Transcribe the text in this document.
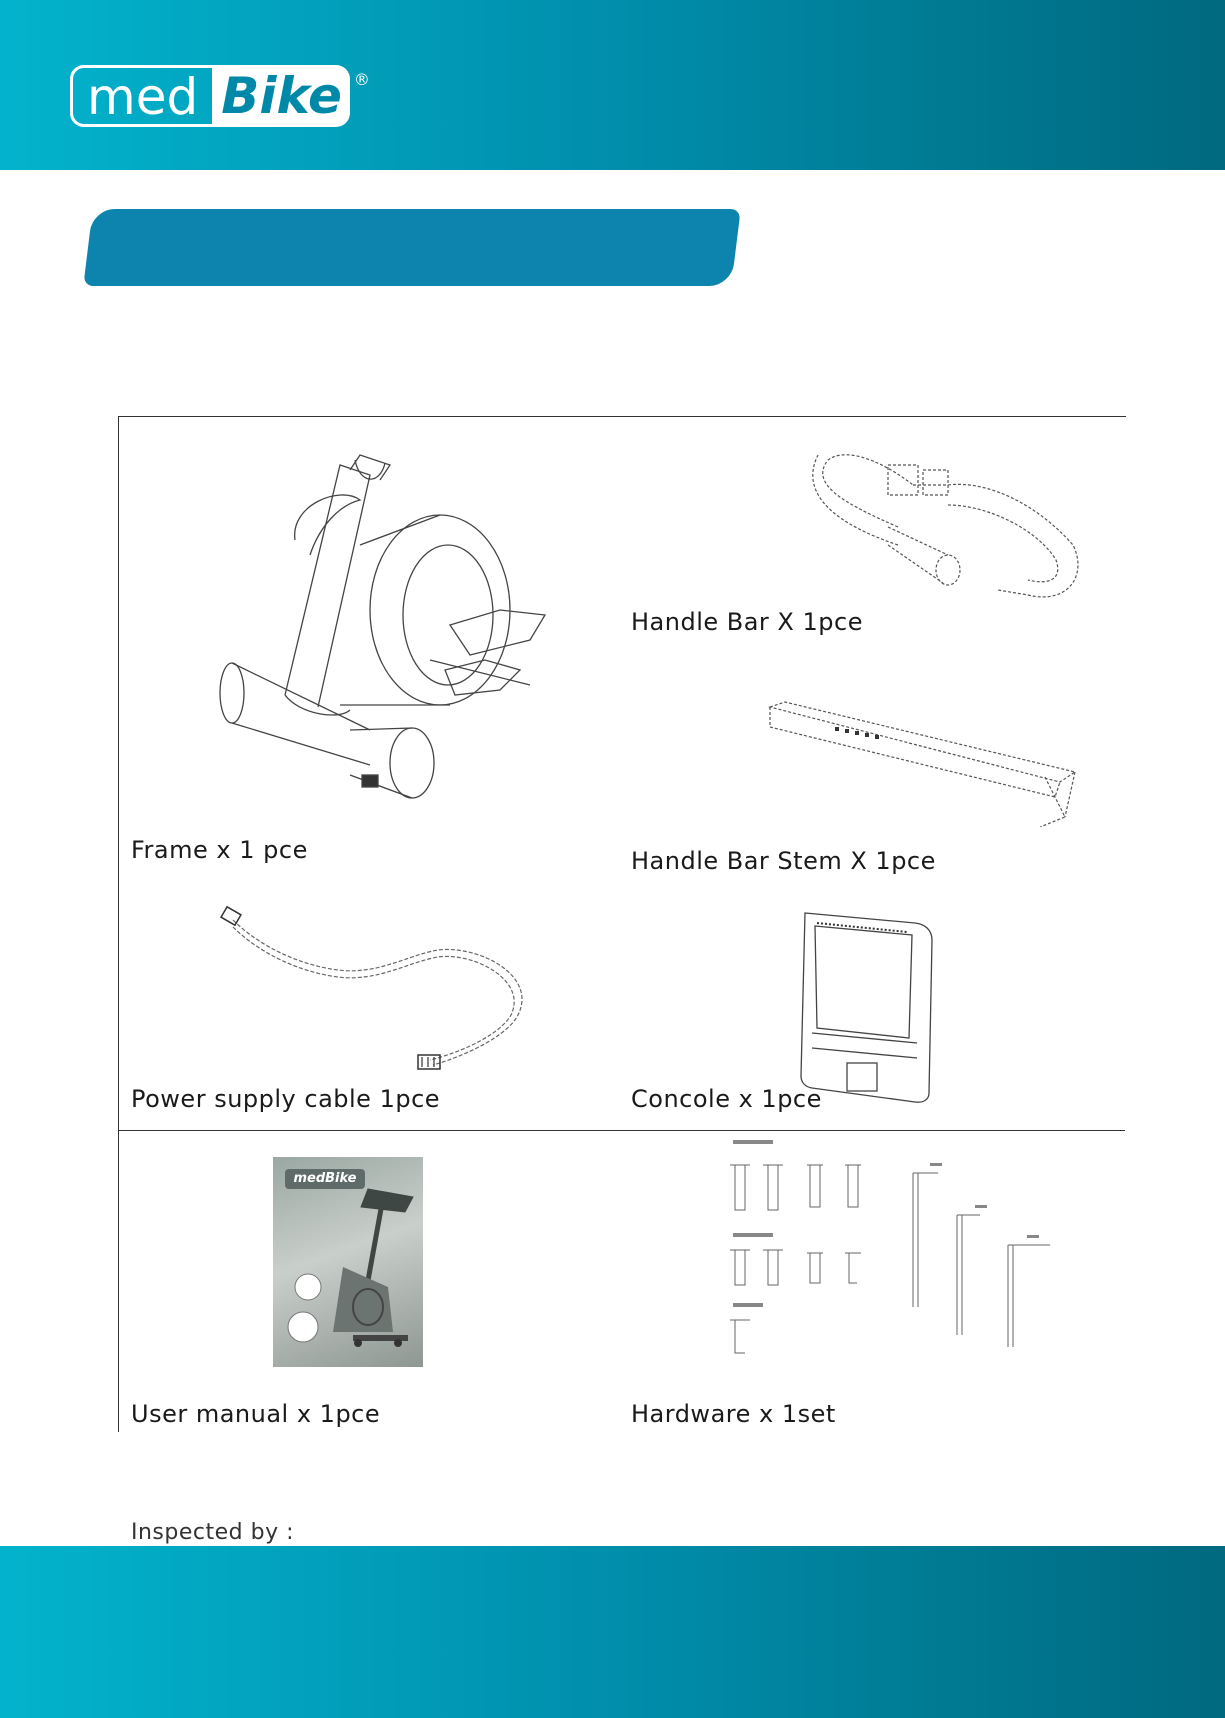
med Bike ®
Frame x 1 pce
Handle Bar X 1pce
Handle Bar Stem X 1pce
Power supply cable 1pce	Concole x 1pce
medBike
User manual x 1pce	Hardware x 1set
Inspected by :
